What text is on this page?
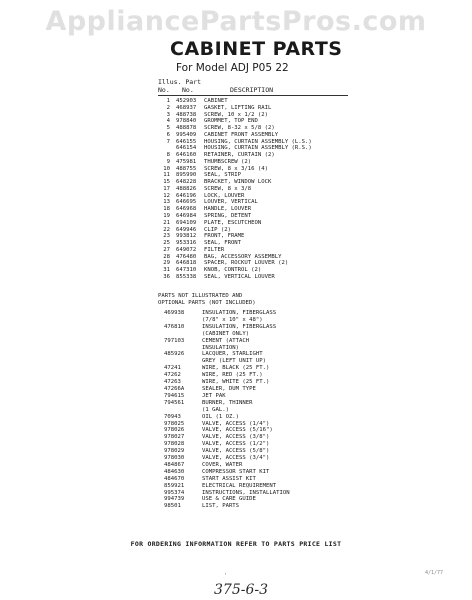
AppliancePartsPros.com
CABINET PARTS
For Model ADJ P05 22
Illus. Part
No. No.	DESCRIPTION
1 452903 CABINET
2 468937 GASKET, LIFTING RAIL
3 488738 SCREW, 10 x 1/2 (2)
4 978840 GROMMET, TOP END
5 488878 SCREW, 8-32 x 5/8 (2)
6 995409 CABINET FRONT ASSEMBLY
7 646155 HOUSING, CURTAIN ASSEMBLY (L.S.)
646154 HOUSING, CURTAIN ASSEMBLY (R.S.)
8 646160 RETAINER, CURTAIN (2)
9 475981 THUMBSCREW (2)
10 488755 SCREW, 8 x 3/16 (4)
11 895990 SEAL, STRIP
15 648228 BRACKET, WINDOW LOCK
17 488826 SCREW, 8 x 3/8
12 646196 LOCK, LOUVER
13 646695 LOUVER, VERTICAL
18 646968 HANDLE, LOUVER
19 646984 SPRING, DETENT
21 694109 PLATE, ESCUTCHEON
22 649946 CLIP (2)
23 993812 FRONT, FRAME
25 953316 SEAL, FRONT
27 649072 FILTER
28 476480 BAG, ACCESSORY ASSEMBLY
29 646818 SPACER, ROCKUT LOUVER (2)
31 647310 KNOB, CONTROL (2)
36 855338 SEAL, VERTICAL LOUVER
PARTS NOT ILLUSTRATED AND
OPTIONAL PARTS (NOT INCLUDED)
469938	INSULATION, FIBERGLASS
(7/8" x 10" x 48")
476810	INSULATION, FIBERGLASS
(CABINET ONLY)
797103	CEMENT (ATTACH
INSULATION)
485926	LACQUER, STARLIGHT
GREY (LEFT UNIT UP)
47241	WIRE, BLACK (25 FT.)
47262	WIRE, RED (25 FT.)
47263	WIRE, WHITE (25 FT.)
47266A	SEALER, DUM TYPE
794615	JET PAK
794561	BURNER, THINNER
(1 GAL.)
70943	OIL (1 OZ.)
978025	VALVE, ACCESS (1/4")
978026	VALVE, ACCESS (5/16")
978027	VALVE, ACCESS (3/8")
978028	VALVE, ACCESS (1/2")
978029	VALVE, ACCESS (5/8")
978030	VALVE, ACCESS (3/4")
484867	COVER, WATER
484630	COMPRESSOR START KIT
484670	START ASSIST KIT
859921	ELECTRICAL REQUIREMENT
995374	INSTRUCTIONS, INSTALLATION
994739	USE & CARE GUIDE
98501	LIST, PARTS
FOR ORDERING INFORMATION REFER TO PARTS PRICE LIST
'	4/1/77
375-6-3
